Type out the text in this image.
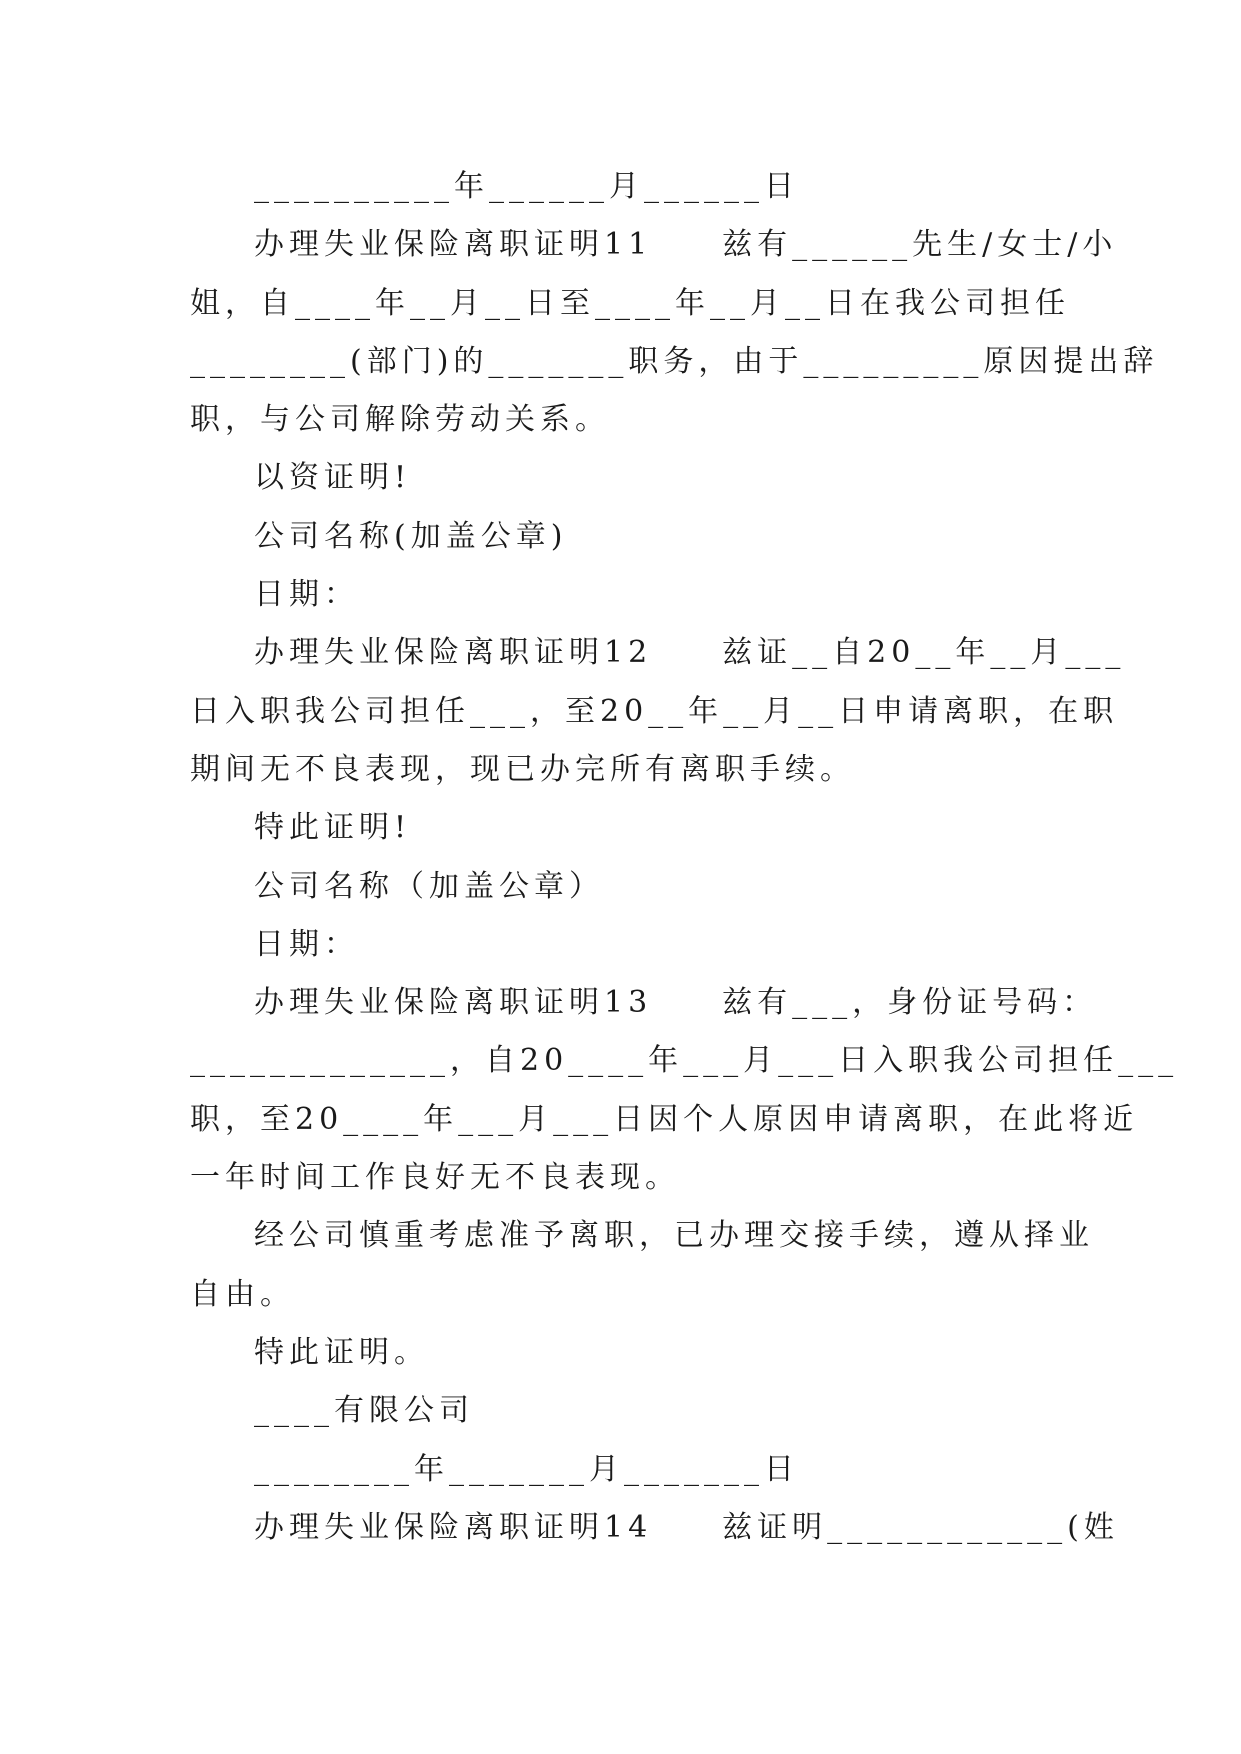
__________年______月______日
办理失业保险离职证明11　　兹有______先生/女士/小
姐，自____年__月__日至____年__月__日在我公司担任
________(部门)的_______职务，由于_________原因提出辞
职，与公司解除劳动关系。
以资证明!
公司名称(加盖公章)
日期：
办理失业保险离职证明12　　兹证__自20__年__月___
日入职我公司担任___，至20__年__月__日申请离职，在职
期间无不良表现，现已办完所有离职手续。
特此证明!
公司名称（加盖公章）
日期：
办理失业保险离职证明13　　兹有___，身份证号码：
_____________，自20____年___月___日入职我公司担任___
职，至20____年___月___日因个人原因申请离职，在此将近
一年时间工作良好无不良表现。
经公司慎重考虑准予离职，已办理交接手续，遵从择业
自由。
特此证明。
____有限公司
________年_______月_______日
办理失业保险离职证明14　　兹证明____________(姓
